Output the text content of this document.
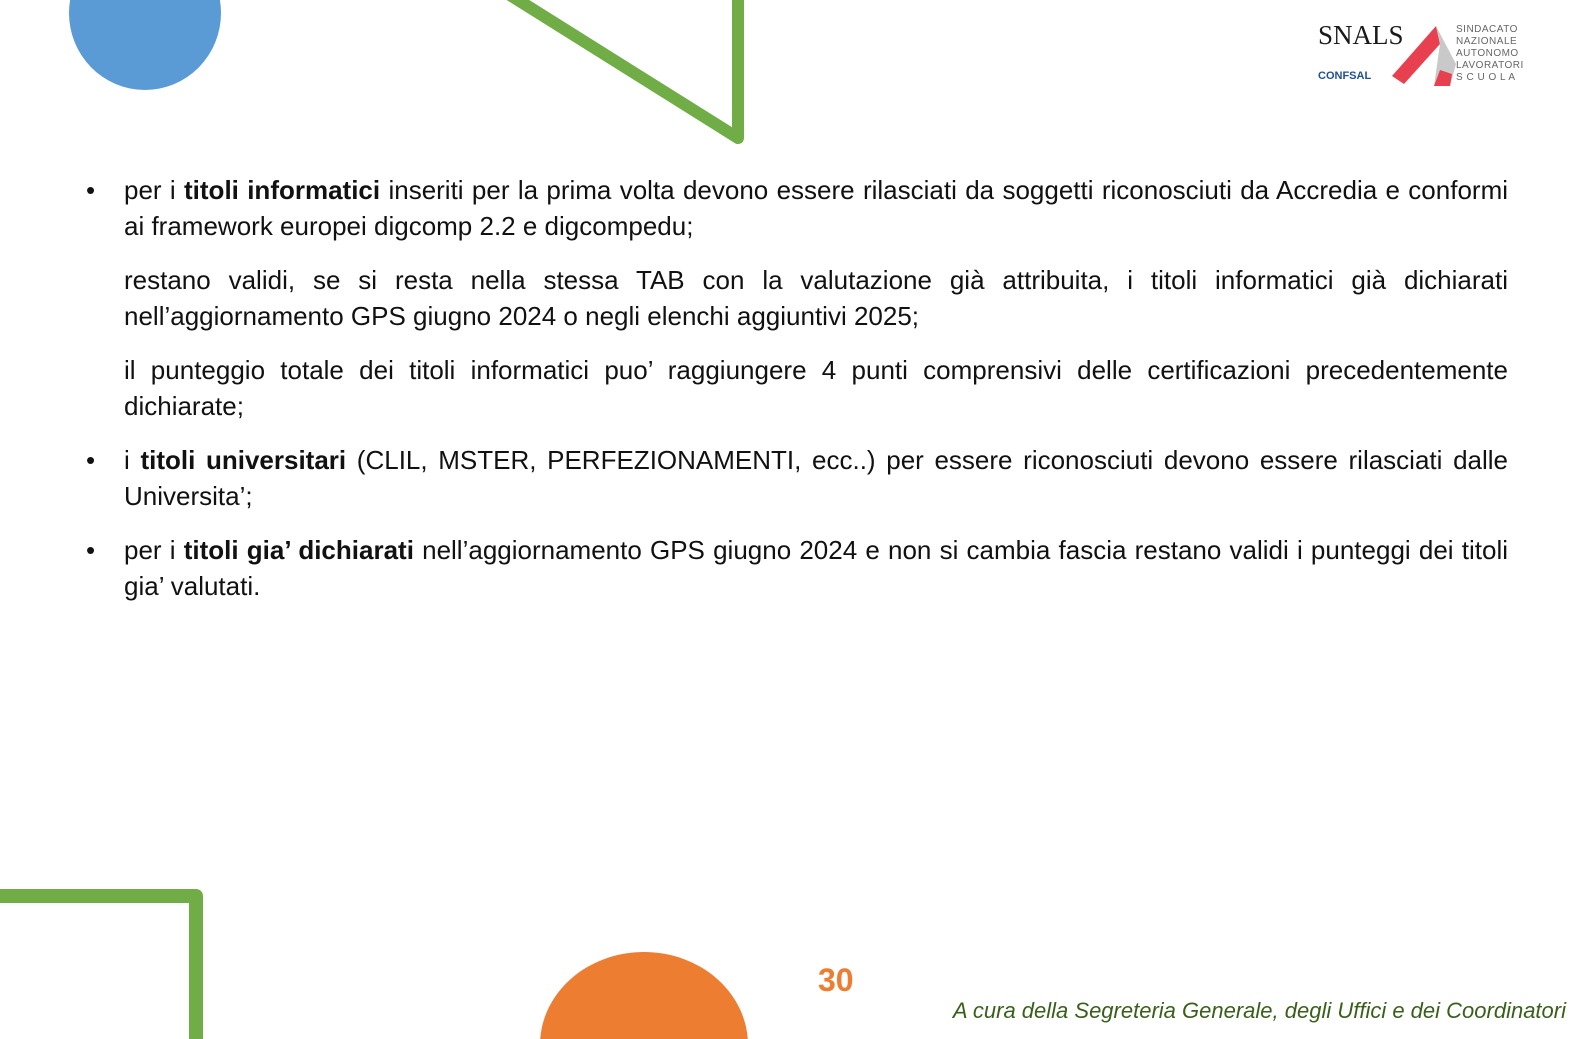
SNALS
CONFSAL
SINDACATO
NAZIONALE
AUTONOMO
LAVORATORI
S C U O L A
• per i titoli informatici inseriti per la prima volta devono essere rilasciati da soggetti riconosciuti da Accredia e conformi ai framework europei digcomp 2.2 e digcompedu;
restano validi, se si resta nella stessa TAB con la valutazione già attribuita, i titoli informatici già dichiarati nell’aggiornamento GPS giugno 2024 o negli elenchi aggiuntivi 2025;
il punteggio totale dei titoli informatici puo’ raggiungere 4 punti comprensivi delle certificazioni precedentemente dichiarate;
• i titoli universitari (CLIL, MSTER, PERFEZIONAMENTI, ecc..) per essere riconosciuti devono essere rilasciati dalle Universita’;
• per i titoli gia’ dichiarati nell’aggiornamento GPS giugno 2024 e non si cambia fascia restano validi i punteggi dei titoli gia’ valutati.
30
A cura della Segreteria Generale, degli Uffici e dei Coordinatori
